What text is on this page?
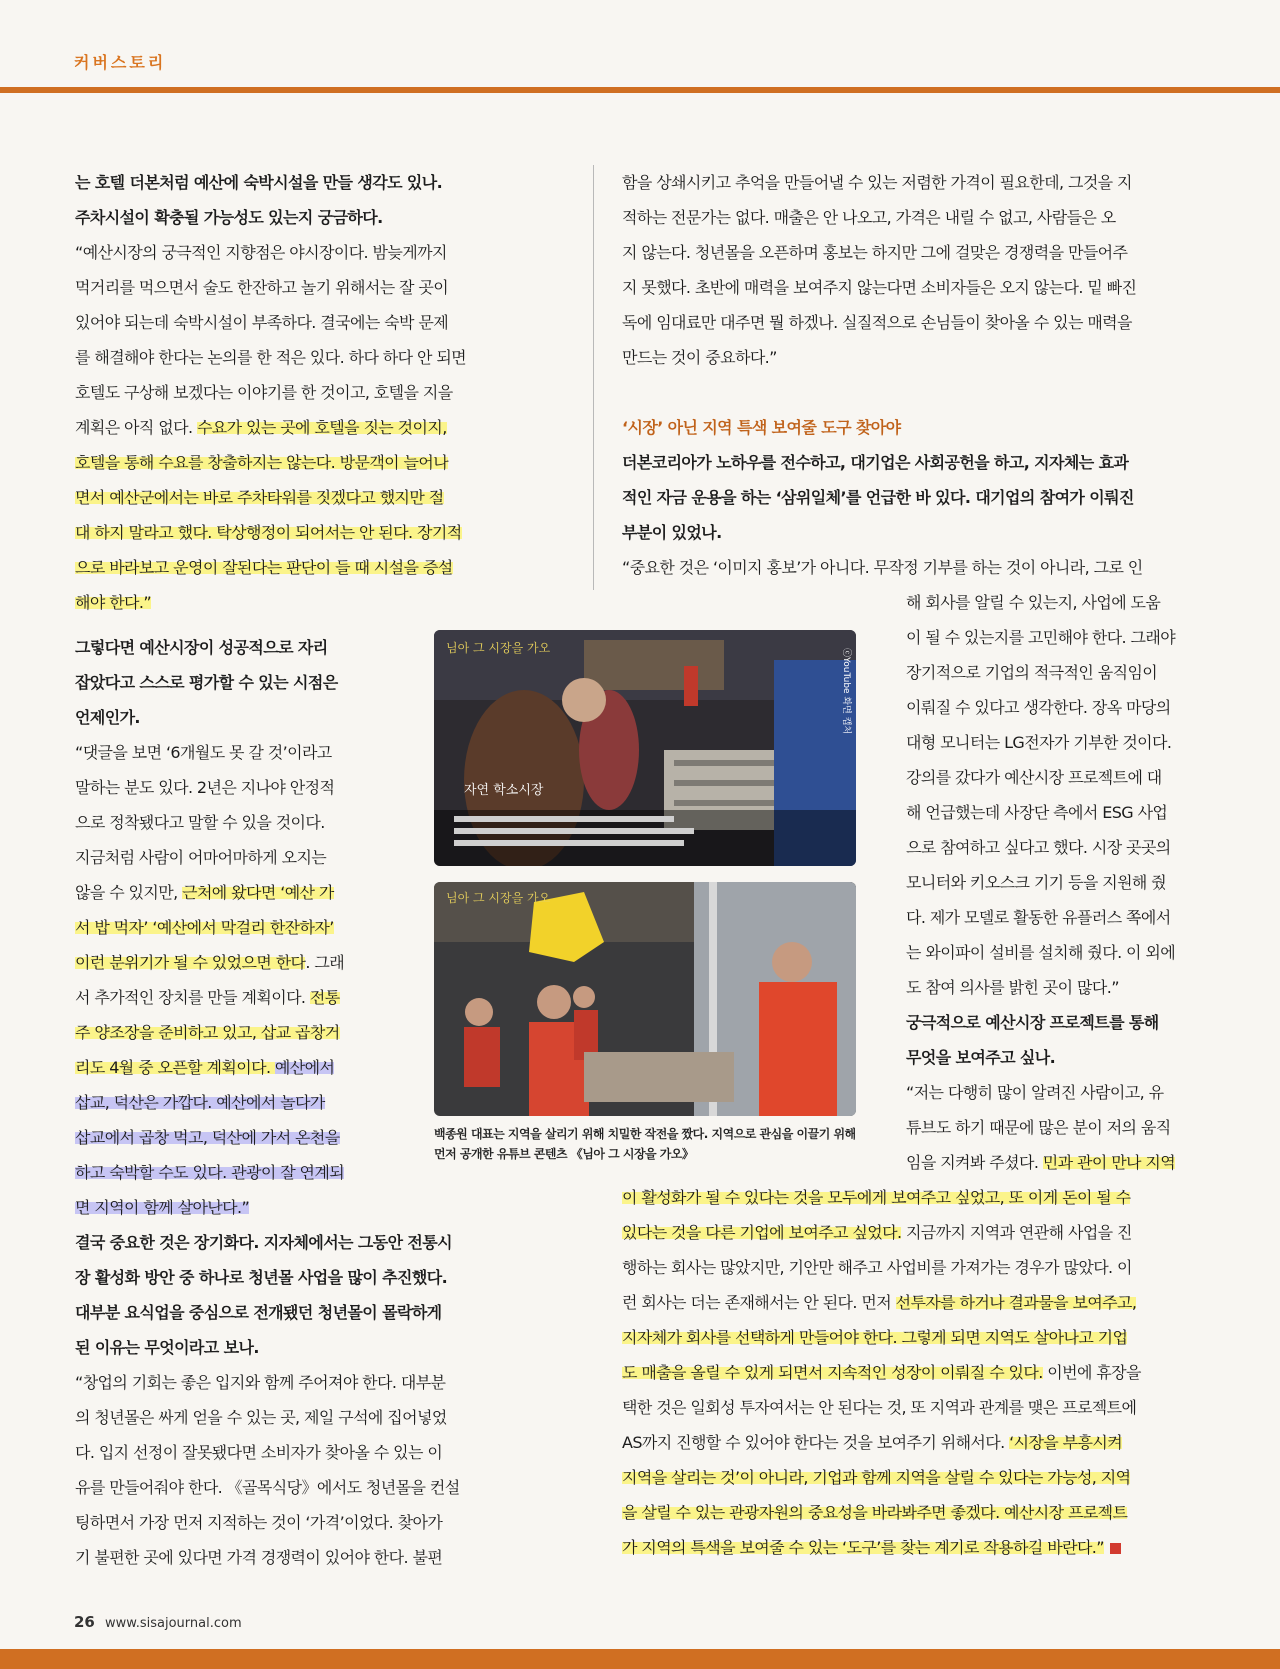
커버스토리
는 호텔 더본처럼 예산에 숙박시설을 만들 생각도 있나.
주차시설이 확충될 가능성도 있는지 궁금하다.
“예산시장의 궁극적인 지향점은 야시장이다. 밤늦게까지
먹거리를 먹으면서 술도 한잔하고 놀기 위해서는 잘 곳이
있어야 되는데 숙박시설이 부족하다. 결국에는 숙박 문제
를 해결해야 한다는 논의를 한 적은 있다. 하다 하다 안 되면
호텔도 구상해 보겠다는 이야기를 한 것이고, 호텔을 지을
계획은 아직 없다. 수요가 있는 곳에 호텔을 짓는 것이지,
호텔을 통해 수요를 창출하지는 않는다. 방문객이 늘어나
면서 예산군에서는 바로 주차타워를 짓겠다고 했지만 절
대 하지 말라고 했다. 탁상행정이 되어서는 안 된다. 장기적
으로 바라보고 운영이 잘된다는 판단이 들 때 시설을 증설
해야 한다.”
그렇다면 예산시장이 성공적으로 자리
잡았다고 스스로 평가할 수 있는 시점은
언제인가.
“댓글을 보면 ‘6개월도 못 갈 것’이라고
말하는 분도 있다. 2년은 지나야 안정적
으로 정착됐다고 말할 수 있을 것이다.
지금처럼 사람이 어마어마하게 오지는
않을 수 있지만, 근처에 왔다면 ‘예산 가
서 밥 먹자’ ‘예산에서 막걸리 한잔하자’
이런 분위기가 될 수 있었으면 한다. 그래
서 추가적인 장치를 만들 계획이다. 전통
주 양조장을 준비하고 있고, 삽교 곱창거
리도 4월 중 오픈할 계획이다. 예산에서
삽교, 덕산은 가깝다. 예산에서 놀다가
삽교에서 곱창 먹고, 덕산에 가서 온천을
하고 숙박할 수도 있다. 관광이 잘 연계되
면 지역이 함께 살아난다.”
결국 중요한 것은 장기화다. 지자체에서는 그동안 전통시
장 활성화 방안 중 하나로 청년몰 사업을 많이 추진했다.
대부분 요식업을 중심으로 전개됐던 청년몰이 몰락하게
된 이유는 무엇이라고 보나.
“창업의 기회는 좋은 입지와 함께 주어져야 한다. 대부분
의 청년몰은 싸게 얻을 수 있는 곳, 제일 구석에 집어넣었
다. 입지 선정이 잘못됐다면 소비자가 찾아올 수 있는 이
유를 만들어줘야 한다. 《골목식당》에서도 청년몰을 컨설
팅하면서 가장 먼저 지적하는 것이 ‘가격’이었다. 찾아가
기 불편한 곳에 있다면 가격 경쟁력이 있어야 한다. 불편
함을 상쇄시키고 추억을 만들어낼 수 있는 저렴한 가격이 필요한데, 그것을 지
적하는 전문가는 없다. 매출은 안 나오고, 가격은 내릴 수 없고, 사람들은 오
지 않는다. 청년몰을 오픈하며 홍보는 하지만 그에 걸맞은 경쟁력을 만들어주
지 못했다. 초반에 매력을 보여주지 않는다면 소비자들은 오지 않는다. 밑 빠진
독에 임대료만 대주면 뭘 하겠나. 실질적으로 손님들이 찾아올 수 있는 매력을
만드는 것이 중요하다.”
‘시장’ 아닌 지역 특색 보여줄 도구 찾아야
더본코리아가 노하우를 전수하고, 대기업은 사회공헌을 하고, 지자체는 효과
적인 자금 운용을 하는 ‘삼위일체’를 언급한 바 있다. 대기업의 참여가 이뤄진
부분이 있었나.
“중요한 것은 ‘이미지 홍보’가 아니다. 무작정 기부를 하는 것이 아니라, 그로 인
해 회사를 알릴 수 있는지, 사업에 도움
이 될 수 있는지를 고민해야 한다. 그래야
장기적으로 기업의 적극적인 움직임이
이뤄질 수 있다고 생각한다. 장옥 마당의
대형 모니터는 LG전자가 기부한 것이다.
강의를 갔다가 예산시장 프로젝트에 대
해 언급했는데 사장단 측에서 ESG 사업
으로 참여하고 싶다고 했다. 시장 곳곳의
모니터와 키오스크 기기 등을 지원해 줬
다. 제가 모델로 활동한 유플러스 쪽에서
는 와이파이 설비를 설치해 줬다. 이 외에
도 참여 의사를 밝힌 곳이 많다.”
궁극적으로 예산시장 프로젝트를 통해
무엇을 보여주고 싶나.
“저는 다행히 많이 알려진 사람이고, 유
튜브도 하기 때문에 많은 분이 저의 움직
임을 지켜봐 주셨다. 민과 관이 만나 지역
이 활성화가 될 수 있다는 것을 모두에게 보여주고 싶었고, 또 이게 돈이 될 수
있다는 것을 다른 기업에 보여주고 싶었다. 지금까지 지역과 연관해 사업을 진
행하는 회사는 많았지만, 기안만 해주고 사업비를 가져가는 경우가 많았다. 이
런 회사는 더는 존재해서는 안 된다. 먼저 선투자를 하거나 결과물을 보여주고,
지자체가 회사를 선택하게 만들어야 한다. 그렇게 되면 지역도 살아나고 기업
도 매출을 올릴 수 있게 되면서 지속적인 성장이 이뤄질 수 있다. 이번에 휴장을
택한 것은 일회성 투자여서는 안 된다는 것, 또 지역과 관계를 맺은 프로젝트에
AS까지 진행할 수 있어야 한다는 것을 보여주기 위해서다. ‘시장을 부흥시켜
지역을 살리는 것’이 아니라, 기업과 함께 지역을 살릴 수 있다는 가능성, 지역
을 살릴 수 있는 관광자원의 중요성을 바라봐주면 좋겠다. 예산시장 프로젝트
가 지역의 특색을 보여줄 수 있는 ‘도구’를 찾는 계기로 작용하길 바란다.”
님아 그 시장을 가오
자연 학소시장
ⓒYouTube 화면 캡처
님아 그 시장을 가오
백종원 대표는 지역을 살리기 위해 치밀한 작전을 짰다. 지역으로 관심을 이끌기 위해 먼저 공개한 유튜브 콘텐츠 《님아 그 시장을 가오》
26 www.sisajournal.com
